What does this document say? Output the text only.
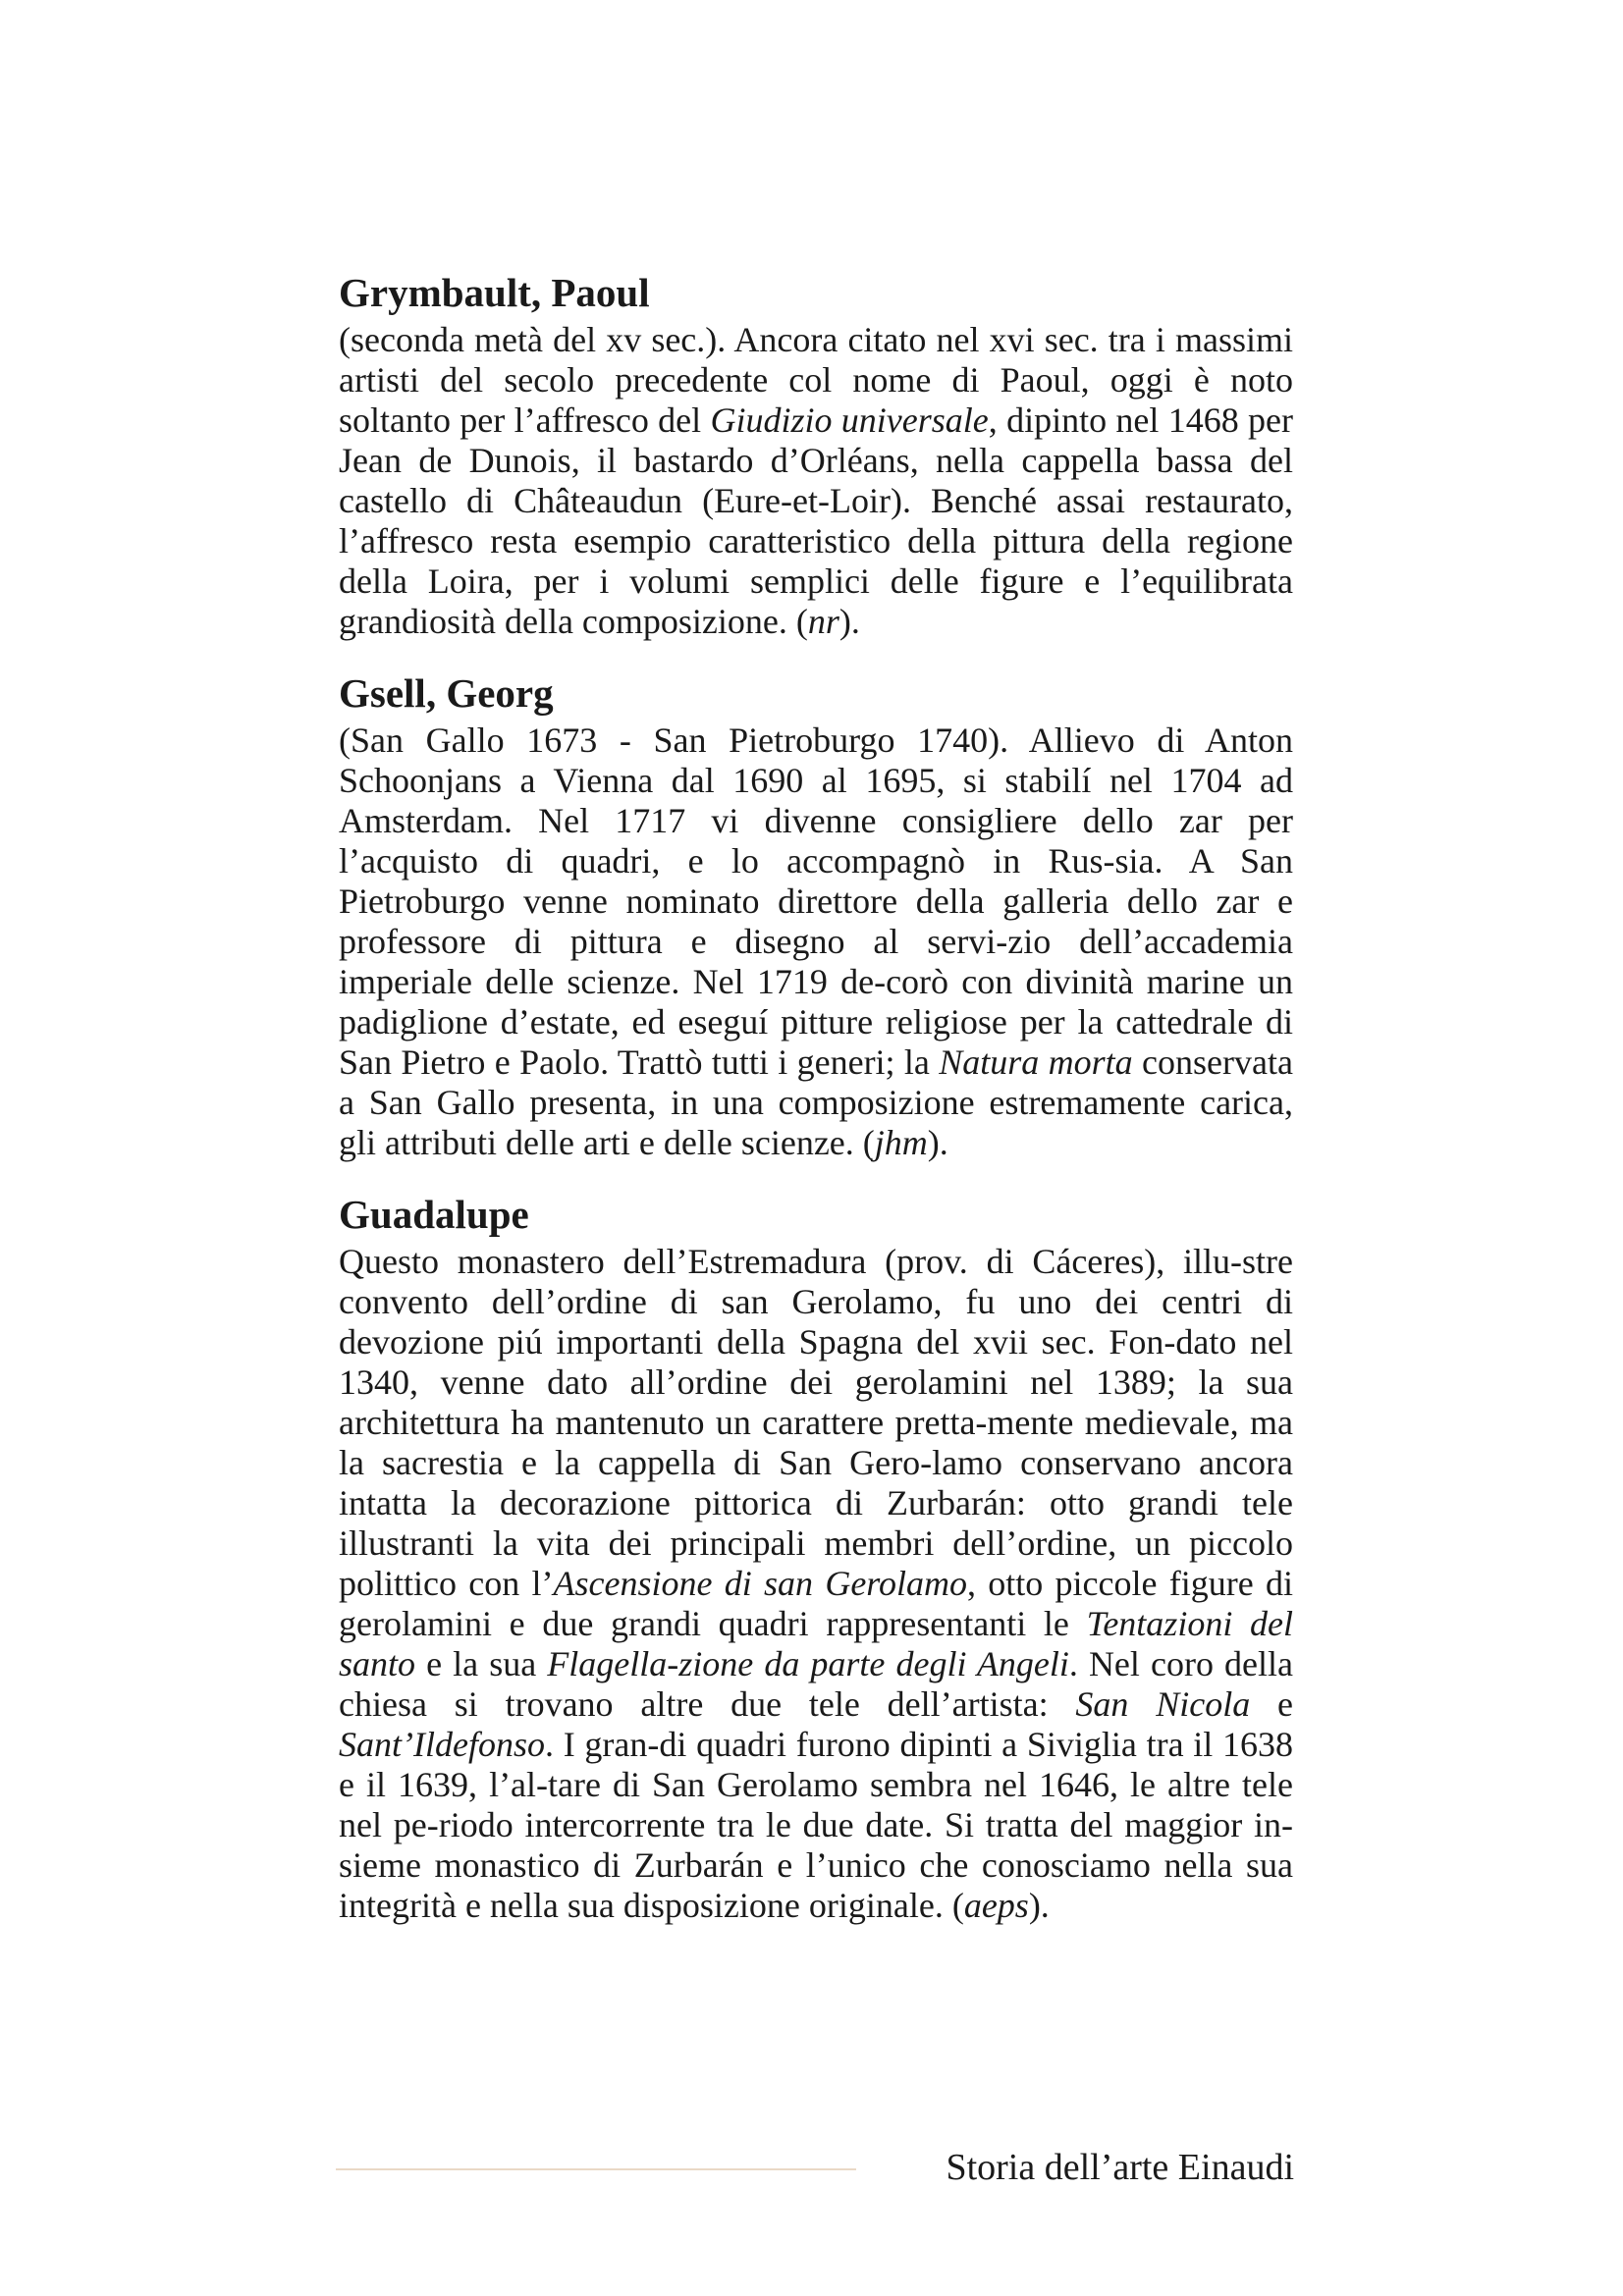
Grymbault, Paoul

(seconda metà del xv sec.). Ancora citato nel xvi sec. tra i massimi artisti del secolo precedente col nome di Paoul, oggi è noto soltanto per l’affresco del Giudizio universale, dipinto nel 1468 per Jean de Dunois, il bastardo d’Orléans, nella cappella bassa del castello di Châteaudun (Eure-et-Loir). Benché assai restaurato, l’affresco resta esempio caratteristico della pittura della regione della Loira, per i volumi semplici delle figure e l’equilibrata grandiosità della composizione. (nr).

Gsell, Georg

(San Gallo 1673 - San Pietroburgo 1740). Allievo di Anton Schoonjans a Vienna dal 1690 al 1695, si stabilí nel 1704 ad Amsterdam. Nel 1717 vi divenne consigliere dello zar per l’acquisto di quadri, e lo accompagnò in Rus-sia. A San Pietroburgo venne nominato direttore della galleria dello zar e professore di pittura e disegno al servi-zio dell’accademia imperiale delle scienze. Nel 1719 de-corò con divinità marine un padiglione d’estate, ed eseguí pitture religiose per la cattedrale di San Pietro e Paolo. Trattò tutti i generi; la Natura morta conservata a San Gallo presenta, in una composizione estremamente carica, gli attributi delle arti e delle scienze. (jhm).

Guadalupe

Questo monastero dell’Estremadura (prov. di Cáceres), illu-stre convento dell’ordine di san Gerolamo, fu uno dei centri di devozione piú importanti della Spagna del xvii sec. Fon-dato nel 1340, venne dato all’ordine dei gerolamini nel 1389; la sua architettura ha mantenuto un carattere pretta-mente medievale, ma la sacrestia e la cappella di San Gero-lamo conservano ancora intatta la decorazione pittorica di Zurbarán: otto grandi tele illustranti la vita dei principali membri dell’ordine, un piccolo polittico con l’Ascensione di san Gerolamo, otto piccole figure di gerolamini e due grandi quadri rappresentanti le Tentazioni del santo e la sua Flagella-zione da parte degli Angeli. Nel coro della chiesa si trovano altre due tele dell’artista: San Nicola e Sant’Ildefonso. I gran-di quadri furono dipinti a Siviglia tra il 1638 e il 1639, l’al-tare di San Gerolamo sembra nel 1646, le altre tele nel pe-riodo intercorrente tra le due date. Si tratta del maggior in-sieme monastico di Zurbarán e l’unico che conosciamo nella sua integrità e nella sua disposizione originale. (aeps).

Storia dell’arte Einaudi
